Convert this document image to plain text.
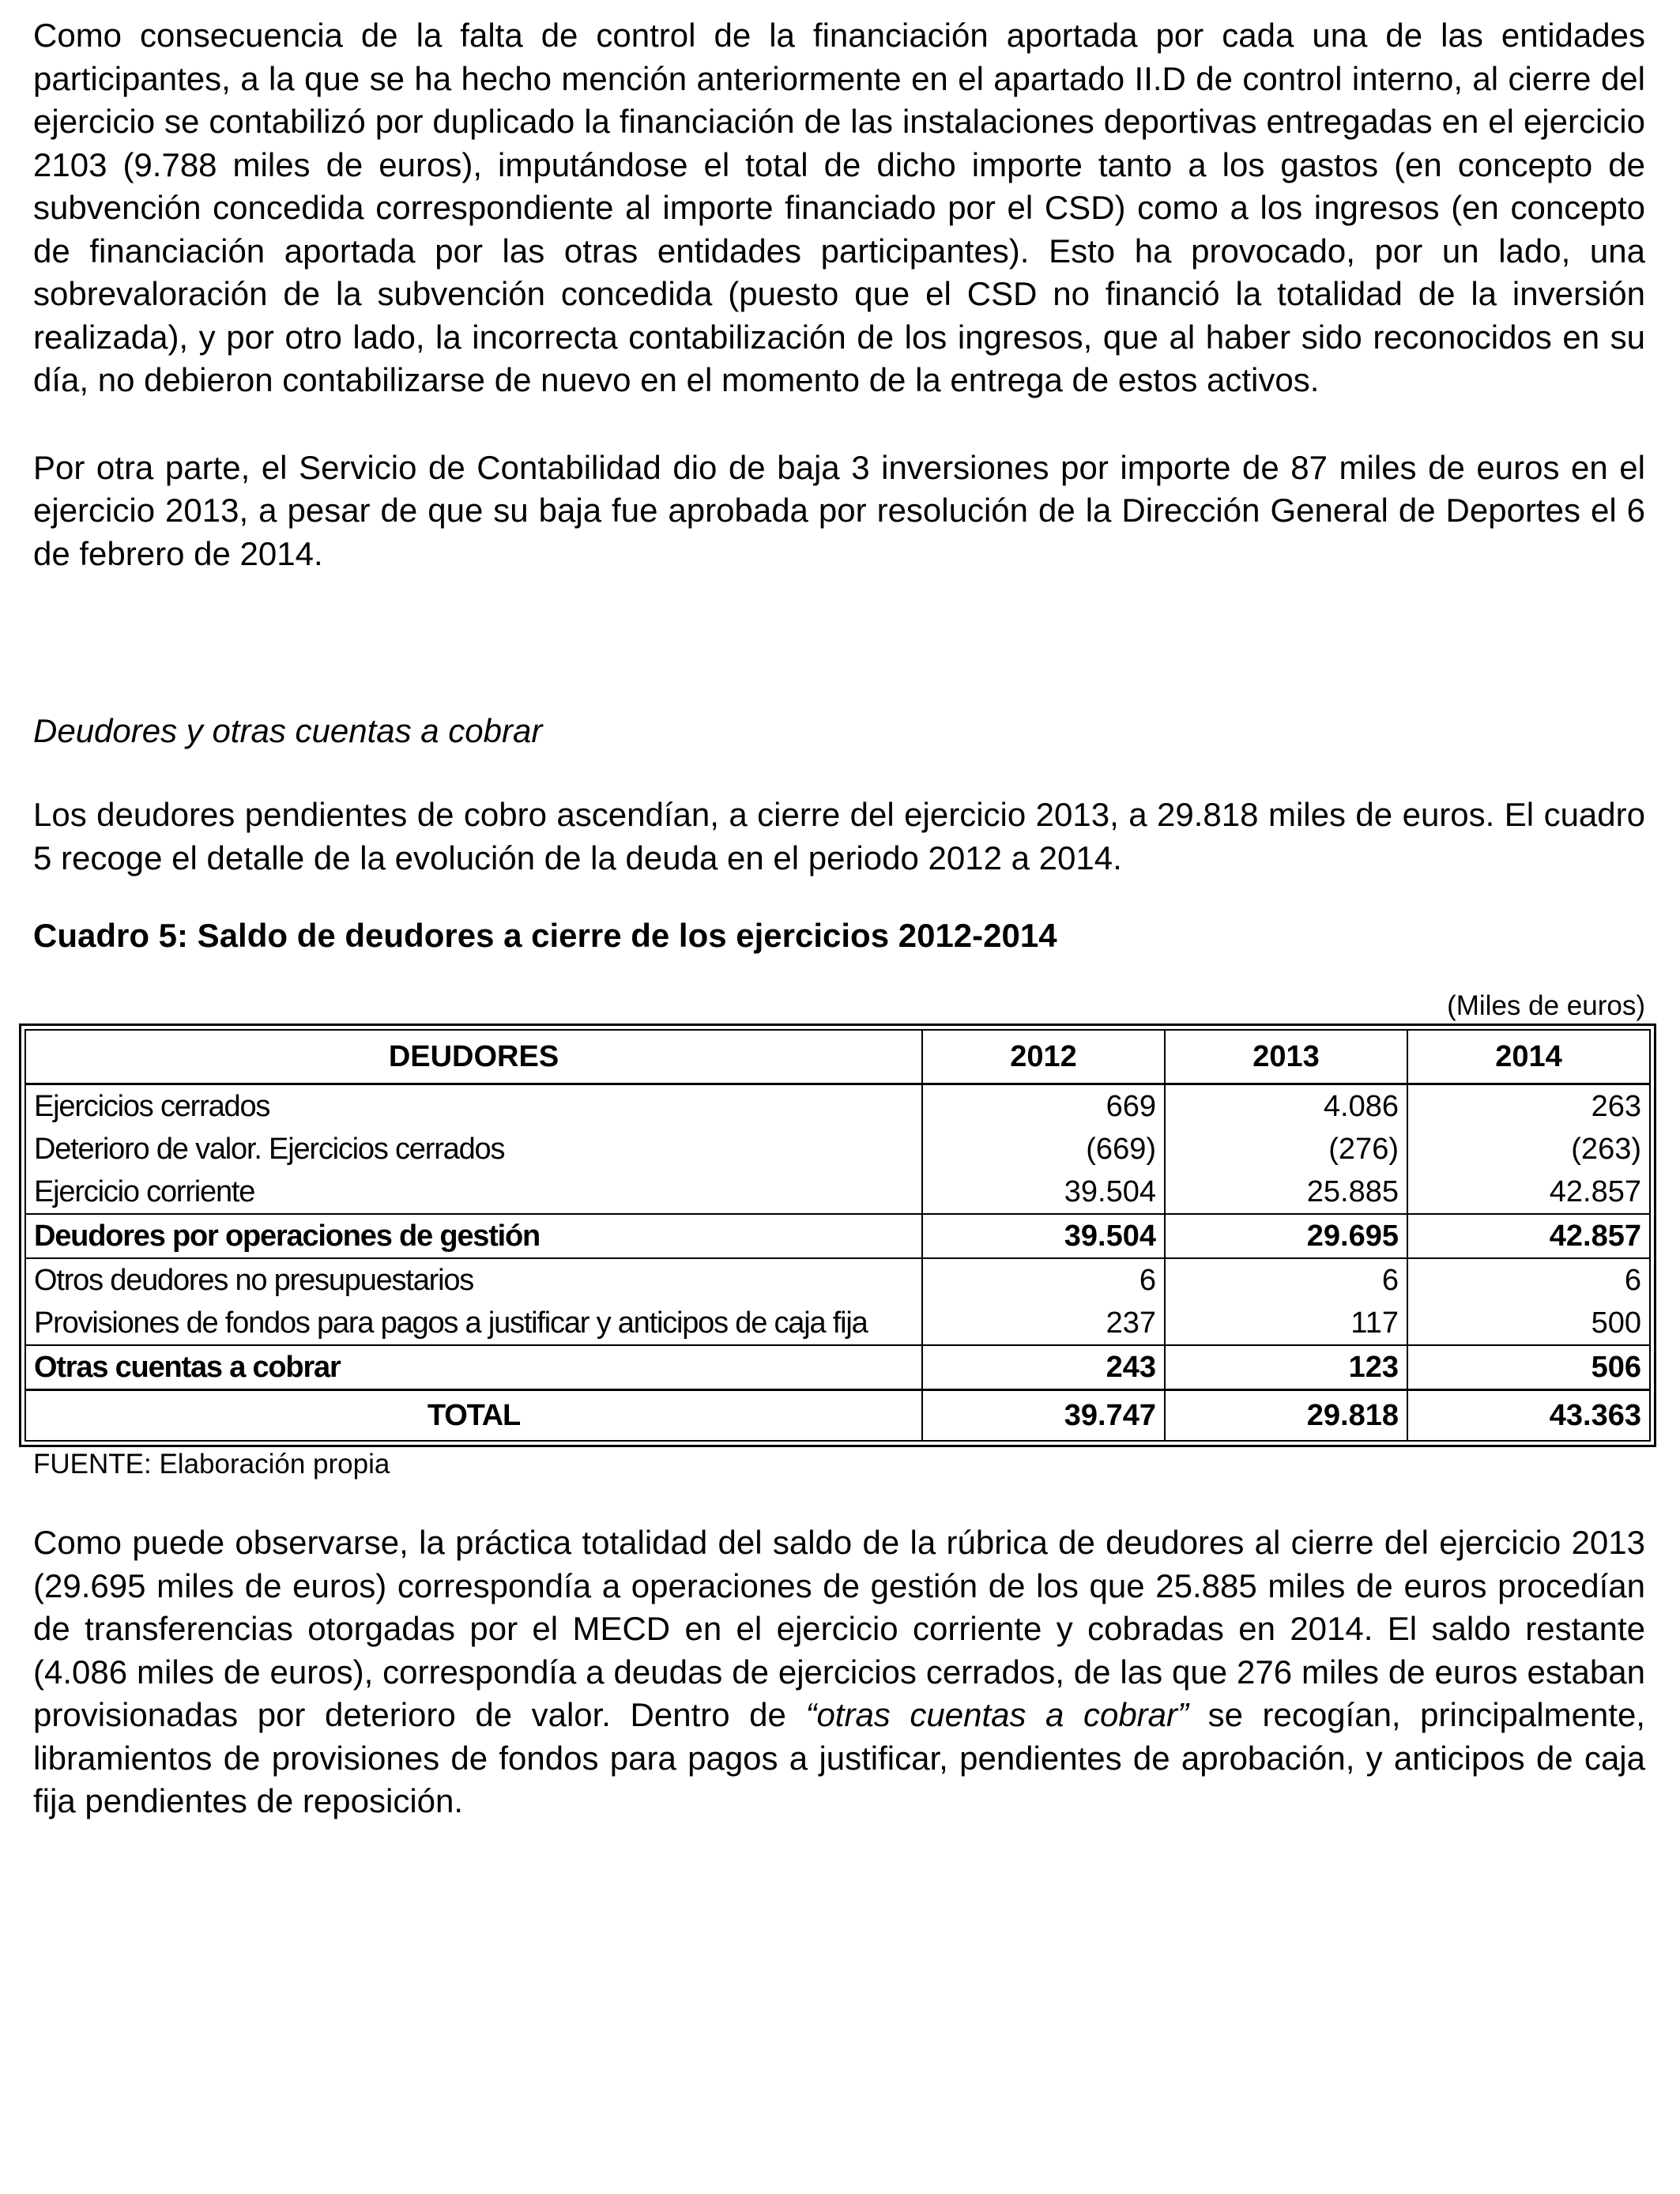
Como consecuencia de la falta de control de la financiación aportada por cada una de las entidades participantes, a la que se ha hecho mención anteriormente en el apartado II.D de control interno, al cierre del ejercicio se contabilizó por duplicado la financiación de las instalaciones deportivas entregadas en el ejercicio 2103 (9.788 miles de euros), imputándose el total de dicho importe tanto a los gastos (en concepto de subvención concedida correspondiente al importe financiado por el CSD) como a los ingresos (en concepto de financiación aportada por las otras entidades participantes). Esto ha provocado, por un lado, una sobrevaloración de la subvención concedida (puesto que el CSD no financió la totalidad de la inversión realizada), y por otro lado, la incorrecta contabilización de los ingresos, que al haber sido reconocidos en su día, no debieron contabilizarse de nuevo en el momento de la entrega de estos activos.

Por otra parte, el Servicio de Contabilidad dio de baja 3 inversiones por importe de 87 miles de euros en el ejercicio 2013, a pesar de que su baja fue aprobada por resolución de la Dirección General de Deportes el 6 de febrero de 2014.

Deudores y otras cuentas a cobrar

Los deudores pendientes de cobro ascendían, a cierre del ejercicio 2013, a 29.818 miles de euros. El cuadro 5 recoge el detalle de la evolución de la deuda en el periodo 2012 a 2014.

Cuadro 5: Saldo de deudores a cierre de los ejercicios 2012-2014

(Miles de euros)
DEUDORES	2012	2013	2014
Ejercicios cerrados	669	4.086	263
Deterioro de valor. Ejercicios cerrados	(669)	(276)	(263)
Ejercicio corriente	39.504	25.885	42.857
Deudores por operaciones de gestión	39.504	29.695	42.857
Otros deudores no presupuestarios	6	6	6
Provisiones de fondos para pagos a justificar y anticipos de caja fija	237	117	500
Otras cuentas a cobrar	243	123	506
TOTAL	39.747	29.818	43.363
FUENTE: Elaboración propia

Como puede observarse, la práctica totalidad del saldo de la rúbrica de deudores al cierre del ejercicio 2013 (29.695 miles de euros) correspondía a operaciones de gestión de los que 25.885 miles de euros procedían de transferencias otorgadas por el MECD en el ejercicio corriente y cobradas en 2014. El saldo restante (4.086 miles de euros), correspondía a deudas de ejercicios cerrados, de las que 276 miles de euros estaban provisionadas por deterioro de valor. Dentro de “otras cuentas a cobrar” se recogían, principalmente, libramientos de provisiones de fondos para pagos a justificar, pendientes de aprobación, y anticipos de caja fija pendientes de reposición.
